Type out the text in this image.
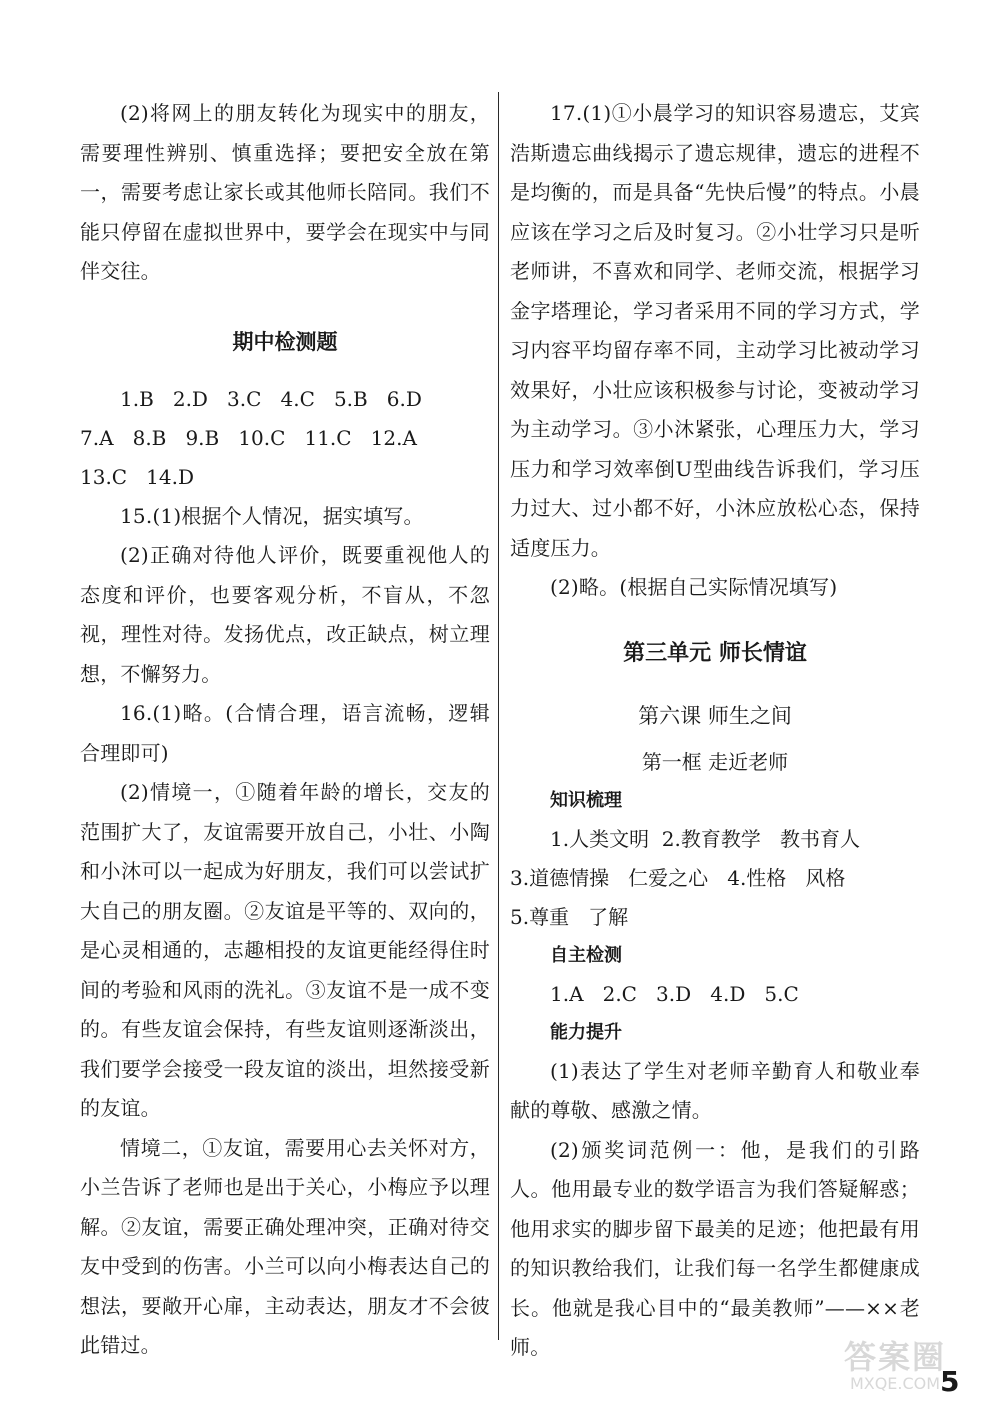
(2)将网上的朋友转化为现实中的朋友，需要理性辨别、慎重选择；要把安全放在第一，需要考虑让家长或其他师长陪同。我们不能只停留在虚拟世界中，要学会在现实中与同伴交往。

期中检测题

1.B   2.D   3.C   4.C   5.B   6.D

7.A   8.B   9.B   10.C   11.C   12.A

13.C   14.D

15.(1)根据个人情况，据实填写。

(2)正确对待他人评价，既要重视他人的态度和评价，也要客观分析，不盲从，不忽视，理性对待。发扬优点，改正缺点，树立理想，不懈努力。

16.(1)略。(合情合理，语言流畅，逻辑合理即可)

(2)情境一，①随着年龄的增长，交友的范围扩大了，友谊需要开放自己，小壮、小陶和小沐可以一起成为好朋友，我们可以尝试扩大自己的朋友圈。②友谊是平等的、双向的，是心灵相通的，志趣相投的友谊更能经得住时间的考验和风雨的洗礼。③友谊不是一成不变的。有些友谊会保持，有些友谊则逐渐淡出，我们要学会接受一段友谊的淡出，坦然接受新的友谊。

情境二，①友谊，需要用心去关怀对方，小兰告诉了老师也是出于关心，小梅应予以理解。②友谊，需要正确处理冲突，正确对待交友中受到的伤害。小兰可以向小梅表达自己的想法，要敞开心扉，主动表达，朋友才不会彼此错过。

17.(1)①小晨学习的知识容易遗忘，艾宾浩斯遗忘曲线揭示了遗忘规律，遗忘的进程不是均衡的，而是具备“先快后慢”的特点。小晨应该在学习之后及时复习。②小壮学习只是听老师讲，不喜欢和同学、老师交流，根据学习金字塔理论，学习者采用不同的学习方式，学习内容平均留存率不同，主动学习比被动学习效果好，小壮应该积极参与讨论，变被动学习为主动学习。③小沐紧张，心理压力大，学习压力和学习效率倒U型曲线告诉我们，学习压力过大、过小都不好，小沐应放松心态，保持适度压力。

(2)略。(根据自己实际情况填写)

第三单元 师长情谊

第六课 师生之间

第一框 走近老师

知识梳理

1.人类文明  2.教育教学   教书育人

3.道德情操   仁爱之心   4.性格   风格

5.尊重   了解

自主检测

1.A   2.C   3.D   4.D   5.C

能力提升

(1)表达了学生对老师辛勤育人和敬业奉献的尊敬、感激之情。

(2)颁奖词范例一：他，是我们的引路人。他用最专业的数学语言为我们答疑解惑；他用求实的脚步留下最美的足迹；他把最有用的知识教给我们，让我们每一名学生都健康成长。他就是我心目中的“最美教师”——××老师。	答案圈
MXQE.COM 5
